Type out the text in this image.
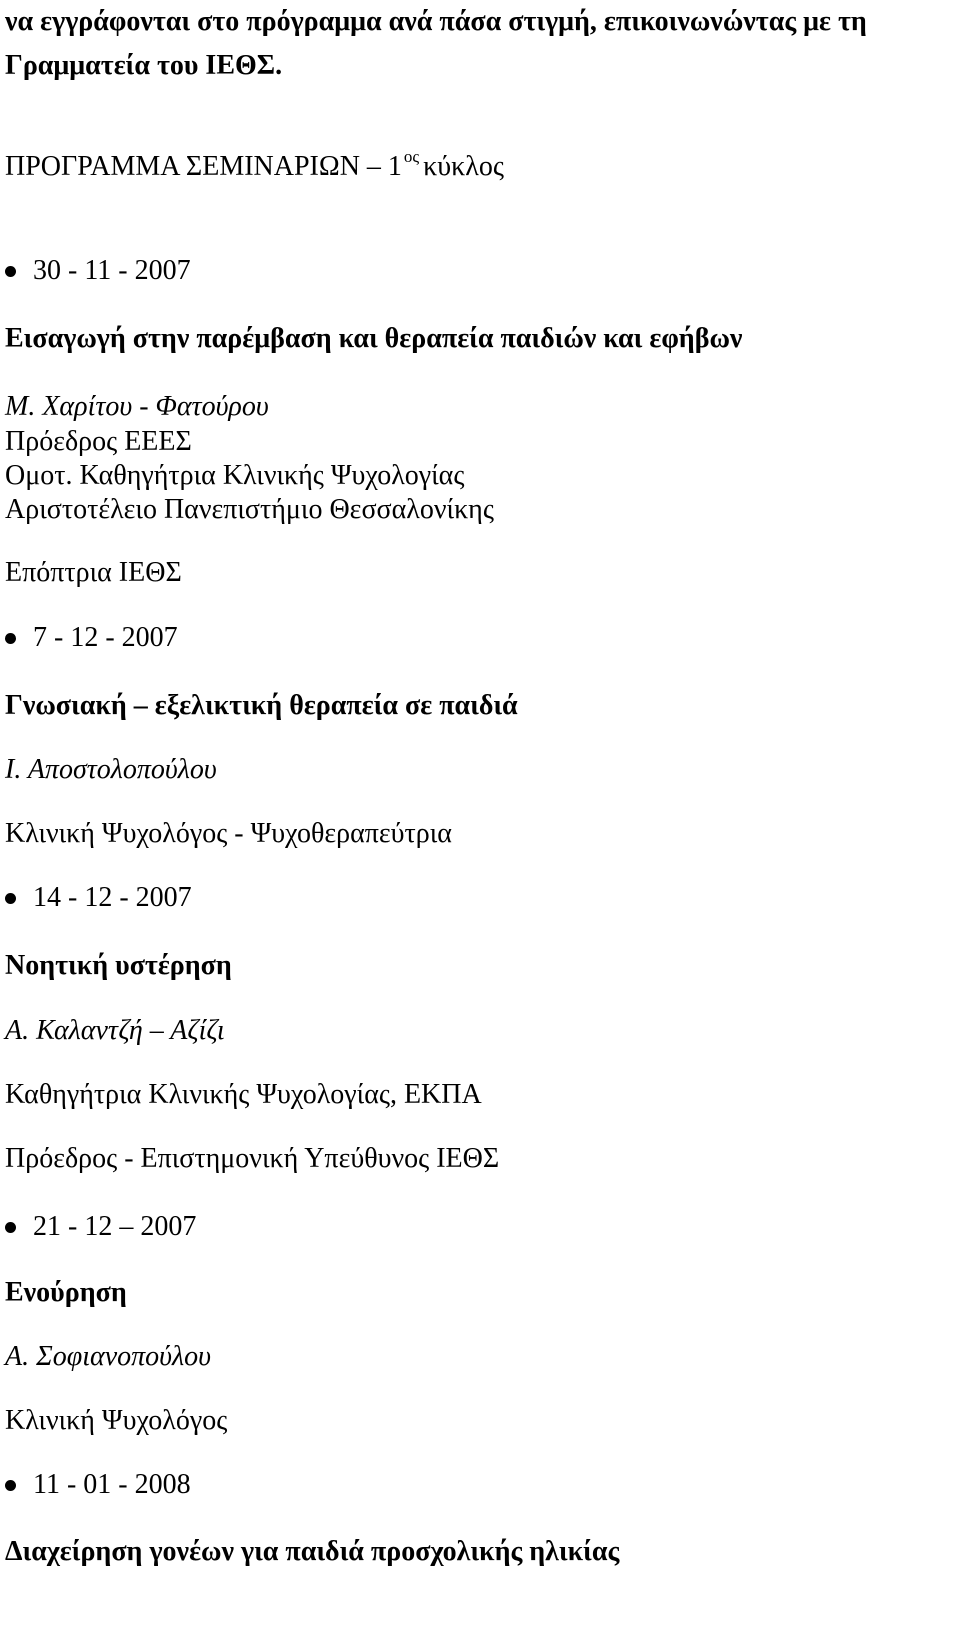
να εγγράφονται στο πρόγραμμα ανά πάσα στιγμή, επικοινωνώντας με τη
Γραμματεία του ΙΕΘΣ.
ΠΡΟΓΡΑΜΜΑ ΣΕΜΙΝΑΡΙΩΝ – 1 $^{o\varsigma}$ κύκλος
30 - 11 - 2007
Εισαγωγή στην παρέμβαση και θεραπεία παιδιών και εφήβων
Μ. Χαρίτου - Φατούρου
Πρόεδρος ΕΕΕΣ
Ομοτ. Καθηγήτρια Κλινικής Ψυχολογίας
Αριστοτέλειο Πανεπιστήμιο Θεσσαλονίκης
Επόπτρια ΙΕΘΣ
7 - 12 - 2007
Γνωσιακή – εξελικτική θεραπεία σε παιδιά
Ι. Αποστολοπούλου
Κλινική Ψυχολόγος - Ψυχοθεραπεύτρια
14 - 12 - 2007
Νοητική υστέρηση
Α. Καλαντζή – Αζίζι
Καθηγήτρια Κλινικής Ψυχολογίας, ΕΚΠΑ
Πρόεδρος - Επιστημονική Υπεύθυνος ΙΕΘΣ
21 - 12 – 2007
Ενούρηση
Α. Σοφιανοπούλου
Κλινική Ψυχολόγος
11 - 01 - 2008
Διαχείρηση γονέων για παιδιά προσχολικής ηλικίας
